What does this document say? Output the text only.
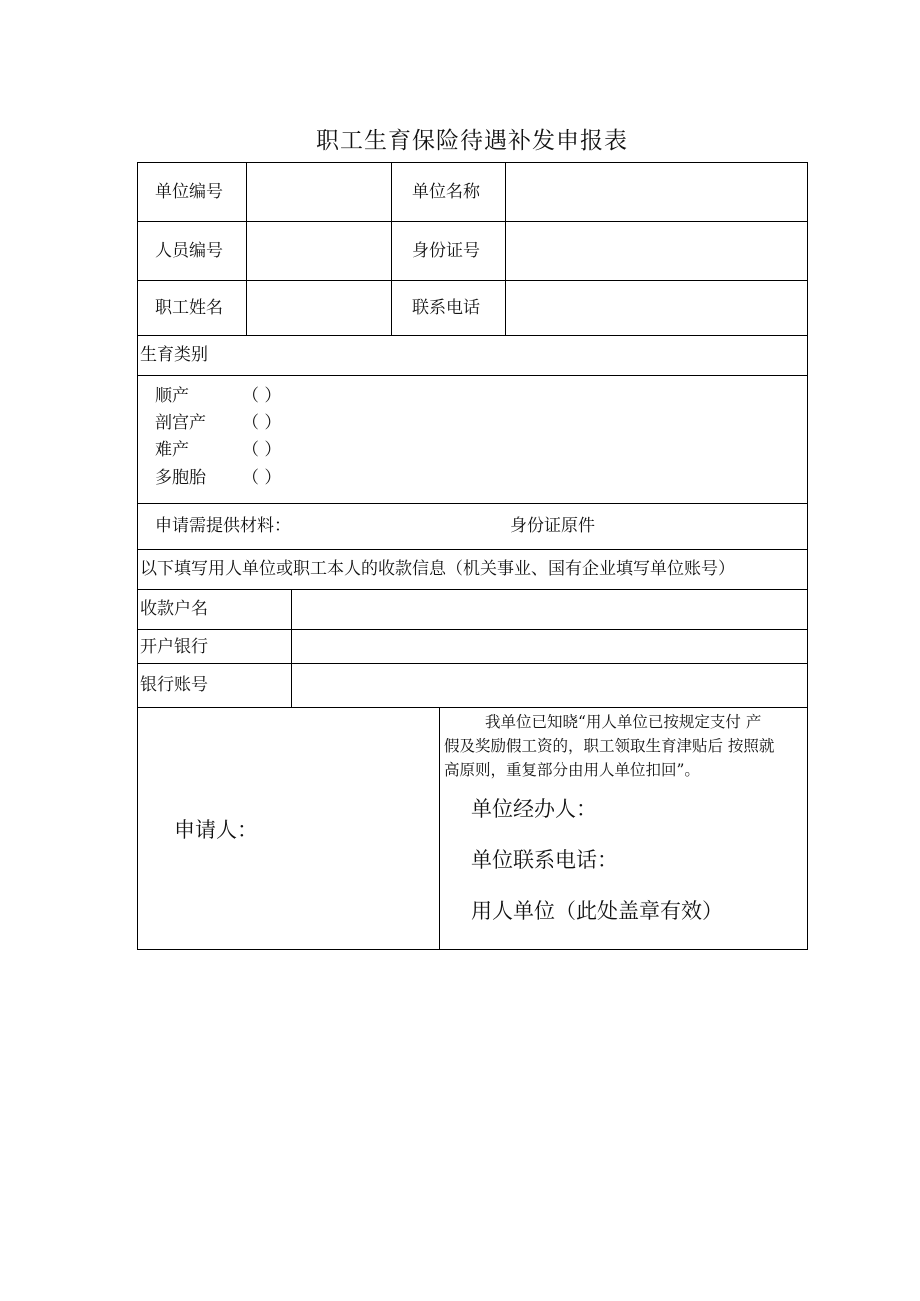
职工生育保险待遇补发申报表
单位编号	单位名称
人员编号	身份证号
职工姓名	联系电话
生育类别
顺产	（ ）
剖宫产 （ ）
难产	（ ）
多胞胎 （ ）
申请需提供材料：	身份证原件
以下填写用人单位或职工本人的收款信息（机关事业、国有企业填写单位账号）
收款户名
开户银行
银行账号
申请人：

我单位已知晓“用人单位已按规定支付 产

假及奖励假工资的，职工领取生育津贴后 按照就

高原则，重复部分由用人单位扣回”。

单位经办人：
单位联系电话：
用人单位（此处盖章有效）
